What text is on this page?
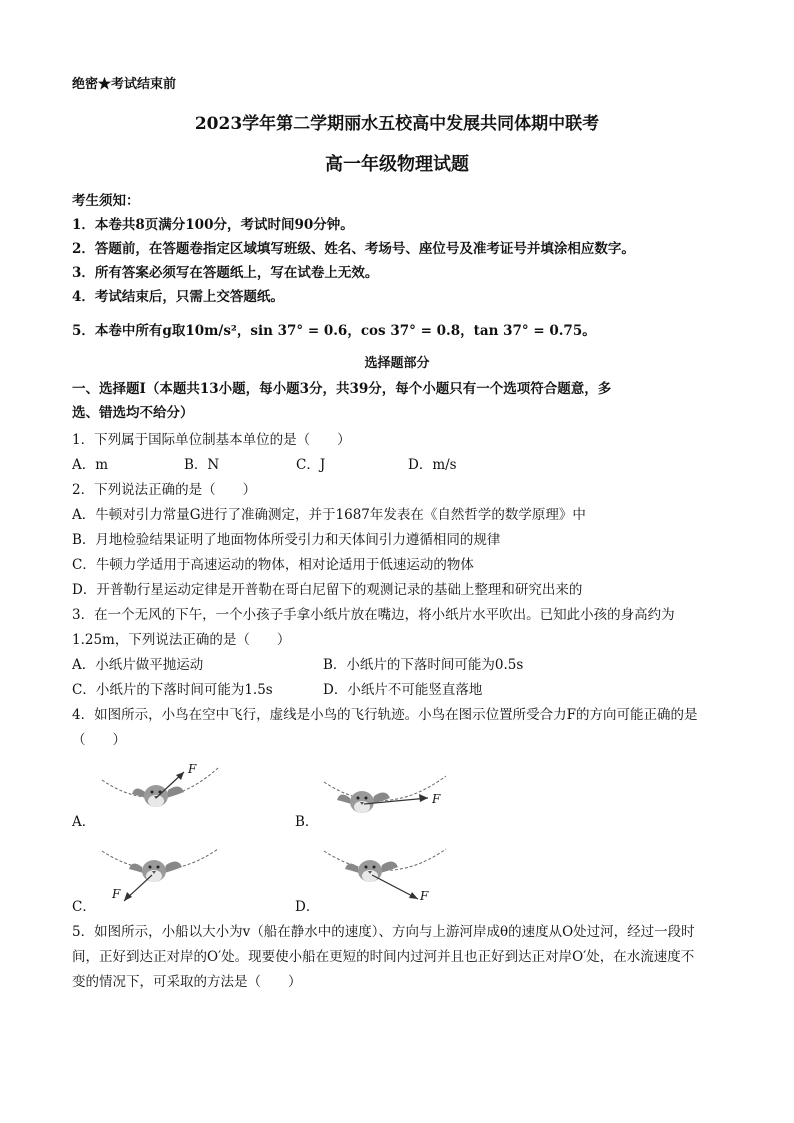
绝密★考试结束前
2023学年第二学期丽水五校高中发展共同体期中联考
高一年级物理试题
考生须知：
1．本卷共8页满分100分，考试时间90分钟。
2．答题前，在答题卷指定区域填写班级、姓名、考场号、座位号及准考证号并填涂相应数字。
3．所有答案必须写在答题纸上，写在试卷上无效。
4．考试结束后，只需上交答题纸。
5．本卷中所有g取10m/s²，sin 37° = 0.6，cos 37° = 0.8，tan 37° = 0.75。
选择题部分
一、选择题Ⅰ（本题共13小题，每小题3分，共39分，每个小题只有一个选项符合题意，多
选、错选均不给分）
1．下列属于国际单位制基本单位的是（　　）
A．m	B．N	C．J	D．m/s
2．下列说法正确的是（　　）
A．牛顿对引力常量G进行了准确测定，并于1687年发表在《自然哲学的数学原理》中
B．月地检验结果证明了地面物体所受引力和天体间引力遵循相同的规律
C．牛顿力学适用于高速运动的物体，相对论适用于低速运动的物体
D．开普勒行星运动定律是开普勒在哥白尼留下的观测记录的基础上整理和研究出来的
3．在一个无风的下午，一个小孩子手拿小纸片放在嘴边，将小纸片水平吹出。已知此小孩的身高约为
1.25m，下列说法正确的是（　　）
A．小纸片做平抛运动	B．小纸片的下落时间可能为0.5s
C．小纸片的下落时间可能为1.5s	D．小纸片不可能竖直落地
4．如图所示，小鸟在空中飞行，虚线是小鸟的飞行轨迹。小鸟在图示位置所受合力F的方向可能正确的是
（　　）
F
A．
F
B．
F
C．
F
D．
5．如图所示，小船以大小为v（船在静水中的速度）、方向与上游河岸成θ的速度从O处过河，经过一段时
间，正好到达正对岸的O′处。现要使小船在更短的时间内过河并且也正好到达正对岸O′处，在水流速度不
变的情况下，可采取的方法是（　　）
